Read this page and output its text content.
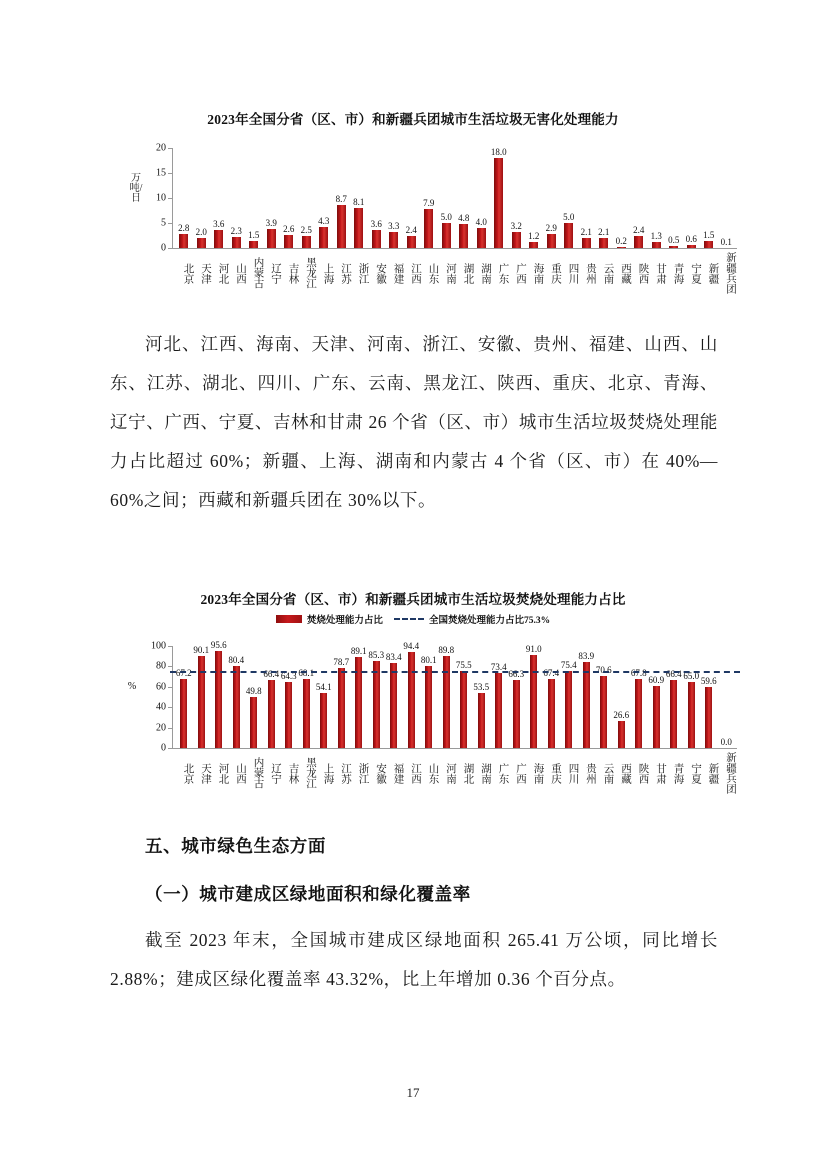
2023年全国分省（区、市）和新疆兵团城市生活垃圾无害化处理能力
万吨/日
0
5
10
15
20
2.8 2.0
3.6
2.3 1.5
3.9
2.6 2.5
4.3
8.7 8.1
3.6 3.3 2.4
7.9
5.0 4.8 4.0
18.0
3.2
1.2
2.9
5.0
2.1 2.1
0.2
2.4
1.3 0.5 0.6 1.5
0.1
北京 天津 河北 山西 内蒙古 辽宁 吉林 黑龙江 上海 江苏 浙江 安徽 福建 江西 山东 河南 湖北 湖南 广东 广西 海南 重庆 四川 贵州 云南 西藏 陕西 甘肃 青海 宁夏 新疆 新疆兵团
河北、江西、海南、天津、河南、浙江、安徽、贵州、福建、山西、山东、江苏、湖北、四川、广东、云南、黑龙江、陕西、重庆、北京、青海、辽宁、广西、宁夏、吉林和甘肃 26 个省（区、市）城市生活垃圾焚烧处理能力占比超过 60%；新疆、上海、湖南和内蒙古 4 个省（区、市）在 40%—60%之间；西藏和新疆兵团在 30%以下。
2023年全国分省（区、市）和新疆兵团城市生活垃圾焚烧处理能力占比
焚烧处理能力占比	全国焚烧处理能力占比75.3%
%
0
20
40
60
80
100
67.2
90.1
95.6
80.4
49.8
66.4 64.3 68.1
54.1
78.7
89.1 85.3 83.4
94.4
80.1
89.8
75.5
53.5
73.4
66.3
91.0
67.4
75.4
83.9
70.6
26.6
67.8
60.9
66.4 65.0
59.6
0.0
北京 天津 河北 山西 内蒙古 辽宁 吉林 黑龙江 上海 江苏 浙江 安徽 福建 江西 山东 河南 湖北 湖南 广东 广西 海南 重庆 四川 贵州 云南 西藏 陕西 甘肃 青海 宁夏 新疆 新疆兵团
五、城市绿色生态方面
（一）城市建成区绿地面积和绿化覆盖率
截至 2023 年末，全国城市建成区绿地面积 265.41 万公顷，同比增长 2.88%；建成区绿化覆盖率 43.32%，比上年增加 0.36 个百分点。
17
